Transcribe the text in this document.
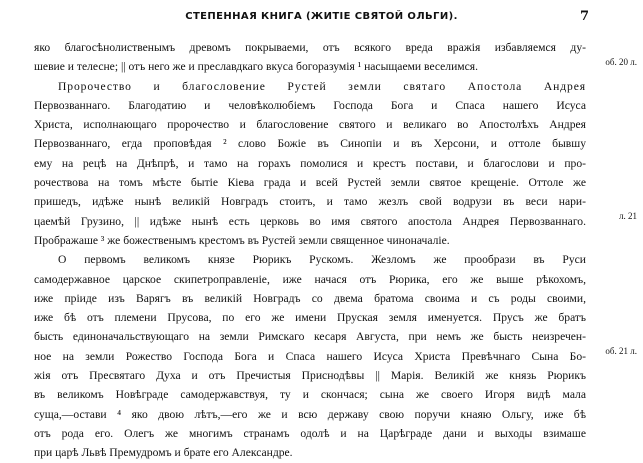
СТЕПЕННАЯ КНИГА (ЖИТІЕ СВЯТОЙ ОЛЬГИ).	7
яко благосѣнолиственымъ древомъ покрываеми, отъ всякого вреда вражія избавляемся ду-
шевие и телесне; || отъ него же и преславдкаго вкуса богоразумія ¹ насыщаеми веселимся.
Пророчество и благословение Рустей земли святаго Апостола Андрея
Первозваннаго. Благодатию и человѣколюбіемъ Господа Бога и Спаса нашего Исуса
Христа, исполнающаго пророчество и благословение святого и великаго во Апостолѣхъ Андрея
Первозваннаго, егда проповѣдая ² слово Божіе въ Синопіи и въ Херсони, и оттоле бывшу
ему на рецѣ на Днѣпрѣ, и тамо на горахъ помолися и крестъ постави, и благослови и про-
рочествова на томъ мѣсте бытіе Кіева града и всей Рустей земли святое крещеніе. Оттоле же
пришедъ, идѣже нынѣ великій Новградъ стоитъ, и тамо жезлъ свой водрузи въ веси нари-
цаемѣй Грузино, || идѣже нынѣ есть церковь во имя святого апостола Андрея Первозваннаго.
Прображаше ³ же божественымъ крестомъ въ Рустей земли священное чиноначаліе.
О первомъ великомъ князе Рюрикъ Рускомъ. Жезломъ же прообрази въ Руси
самодержавное царское скипетроправленіе, иже начася отъ Рюрика, его же выше рѣкохомъ,
иже пріиде изъ Варягъ въ великій Новградъ со двема братома своима и съ роды своими,
иже бѣ отъ племени Прусова, по его же имени Пруская земля именуется. Прусъ же братъ
бысть единоначальствующаго на земли Римскаго кесаря Августа, при немъ же бысть неизречен-
ное на земли Рожество Господа Бога и Спаса нашего Исуса Христа Превѣчнаго Сына Бо-
жія отъ Пресвятаго Духа и отъ Пречистыя Приснодѣвы || Марія. Великій же князь Рюрикъ
въ великомъ Новѣграде самодержавствуя, ту и скончася; сына же своего Игоря видѣ мала
суща,—остави ⁴ яко двою лѣтъ,—его же и всю державу свою поручи кнаяю Ольгу, иже бѣ
отъ рода его. Олегъ же многимъ странамъ одолѣ и на Царѣграде дани и выходы взимаше
при царѣ Львѣ Премудромъ и брате его Александре.
об. 20 л.
л. 21
об. 21 л.
